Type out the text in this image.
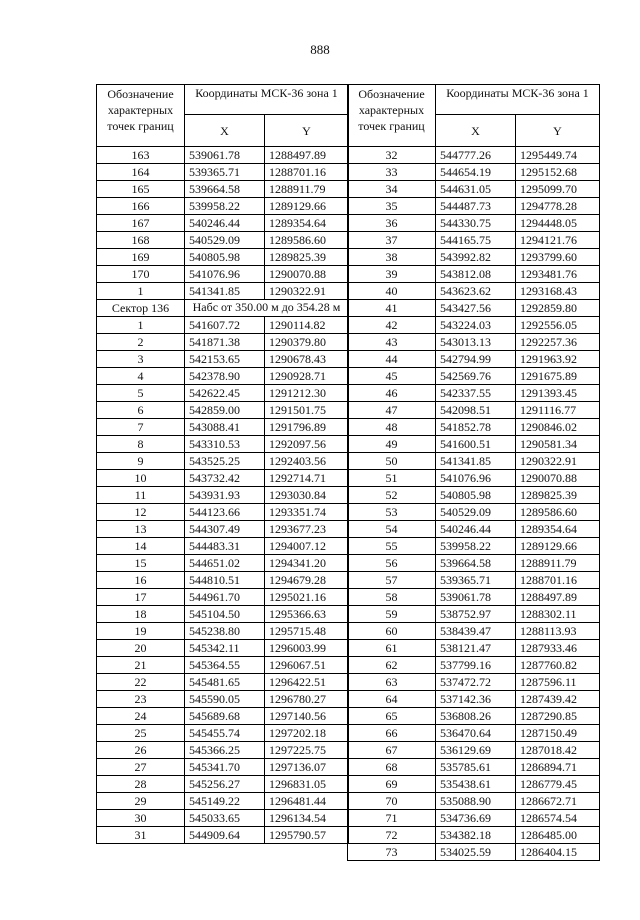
888
Обозначение характерных точек границ	Координаты МСК-36 зона 1	
	X	Y
163	539061.78	1288497.89
164	539365.71	1288701.16
165	539664.58	1288911.79
166	539958.22	1289129.66
167	540246.44	1289354.64
168	540529.09	1289586.60
169	540805.98	1289825.39
170	541076.96	1290070.88
1	541341.85	1290322.91
Сектор 136	Набс от 350.00 м до 354.28 м	

1	541607.72	1290114.82
2	541871.38	1290379.80
3	542153.65	1290678.43
4	542378.90	1290928.71
5	542622.45	1291212.30
6	542859.00	1291501.75
7	543088.41	1291796.89
8	543310.53	1292097.56
9	543525.25	1292403.56
10	543732.42	1292714.71
11	543931.93	1293030.84
12	544123.66	1293351.74
13	544307.49	1293677.23
14	544483.31	1294007.12
15	544651.02	1294341.20
16	544810.51	1294679.28
17	544961.70	1295021.16
18	545104.50	1295366.63
19	545238.80	1295715.48
20	545342.11	1296003.99
21	545364.55	1296067.51
22	545481.65	1296422.51
23	545590.05	1296780.27
24	545689.68	1297140.56
25	545455.74	1297202.18
26	545366.25	1297225.75
27	545341.70	1297136.07
28	545256.27	1296831.05
29	545149.22	1296481.44
30	545033.65	1296134.54
31	544909.64	1295790.57
Обозначение характерных точек границ	Координаты МСК-36 зона 1	
	X	Y
32	544777.26	1295449.74
33	544654.19	1295152.68
34	544631.05	1295099.70
35	544487.73	1294778.28
36	544330.75	1294448.05
37	544165.75	1294121.76
38	543992.82	1293799.60
39	543812.08	1293481.76
40	543623.62	1293168.43
41	543427.56	1292859.80
42	543224.03	1292556.05
43	543013.13	1292257.36
44	542794.99	1291963.92
45	542569.76	1291675.89
46	542337.55	1291393.45
47	542098.51	1291116.77
48	541852.78	1290846.02
49	541600.51	1290581.34
50	541341.85	1290322.91
51	541076.96	1290070.88
52	540805.98	1289825.39
53	540529.09	1289586.60
54	540246.44	1289354.64
55	539958.22	1289129.66
56	539664.58	1288911.79
57	539365.71	1288701.16
58	539061.78	1288497.89
59	538752.97	1288302.11
60	538439.47	1288113.93
61	538121.47	1287933.46
62	537799.16	1287760.82
63	537472.72	1287596.11
64	537142.36	1287439.42
65	536808.26	1287290.85
66	536470.64	1287150.49
67	536129.69	1287018.42
68	535785.61	1286894.71
69	535438.61	1286779.45
70	535088.90	1286672.71
71	534736.69	1286574.54
72	534382.18	1286485.00
73	534025.59	1286404.15
